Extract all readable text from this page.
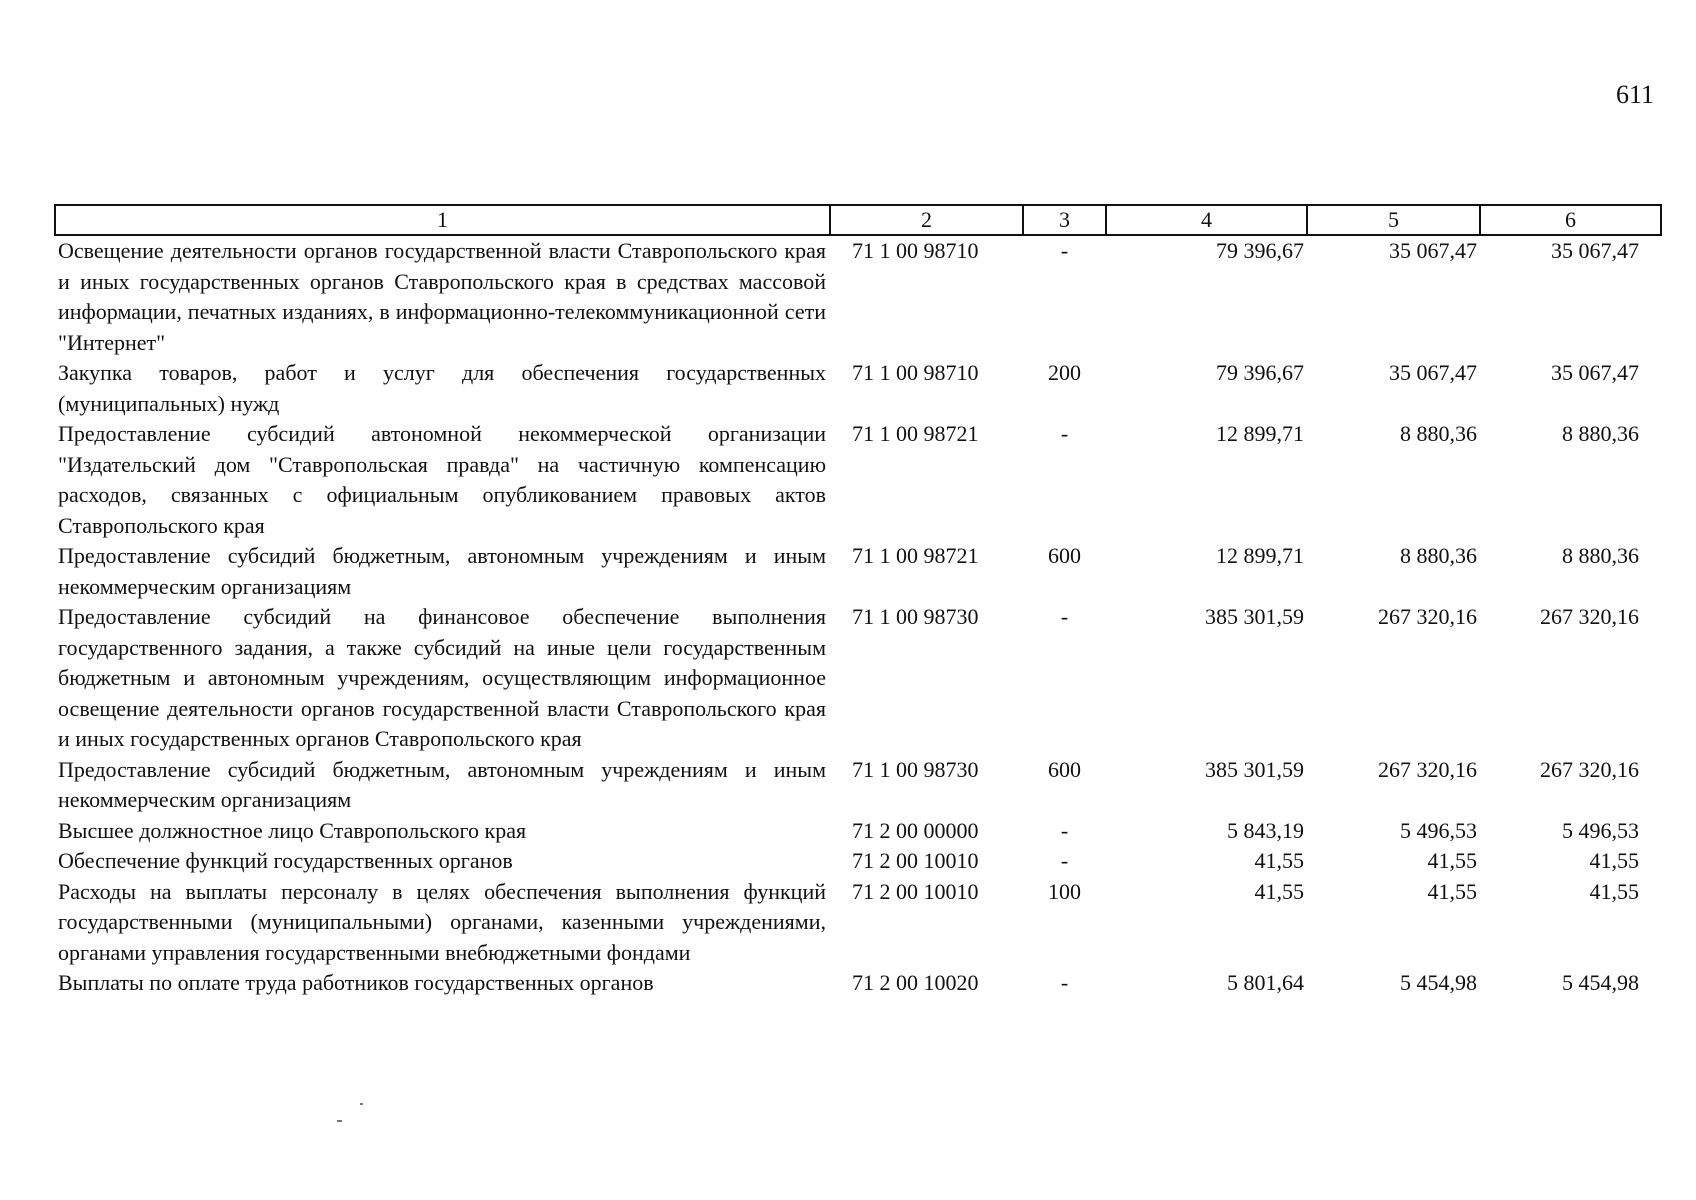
611
1	2	3	4	5	6
Освещение деятельности органов государственной власти Ставропольского края и иных государственных органов Ставропольского края в средствах массовой информации, печатных изданиях, в информационно-телекоммуникационной сети "Интернет"	71 1 00 98710	-	79 396,67	35 067,47	35 067,47
Закупка товаров, работ и услуг для обеспечения государственных (муниципальных) нужд	71 1 00 98710	200	79 396,67	35 067,47	35 067,47
Предоставление субсидий автономной некоммерческой организации "Издательский дом "Ставропольская правда" на частичную компенсацию расходов, связанных с официальным опубликованием правовых актов Ставропольского края	71 1 00 98721	-	12 899,71	8 880,36	8 880,36
Предоставление субсидий бюджетным, автономным учреждениям и иным некоммерческим организациям	71 1 00 98721	600	12 899,71	8 880,36	8 880,36
Предоставление субсидий на финансовое обеспечение выполнения государственного задания, а также субсидий на иные цели государственным бюджетным и автономным учреждениям, осуществляющим информационное освещение деятельности органов государственной власти Ставропольского края и иных государственных органов Ставропольского края	71 1 00 98730	-	385 301,59	267 320,16	267 320,16
Предоставление субсидий бюджетным, автономным учреждениям и иным некоммерческим организациям	71 1 00 98730	600	385 301,59	267 320,16	267 320,16
Высшее должностное лицо Ставропольского края	71 2 00 00000	-	5 843,19	5 496,53	5 496,53
Обеспечение функций государственных органов	71 2 00 10010	-	41,55	41,55	41,55
Расходы на выплаты персоналу в целях обеспечения выполнения функций государственными (муниципальными) органами, казенными учреждениями, органами управления государственными внебюджетными фондами	71 2 00 10010	100	41,55	41,55	41,55
Выплаты по оплате труда работников государственных органов	71 2 00 10020	-	5 801,64	5 454,98	5 454,98
